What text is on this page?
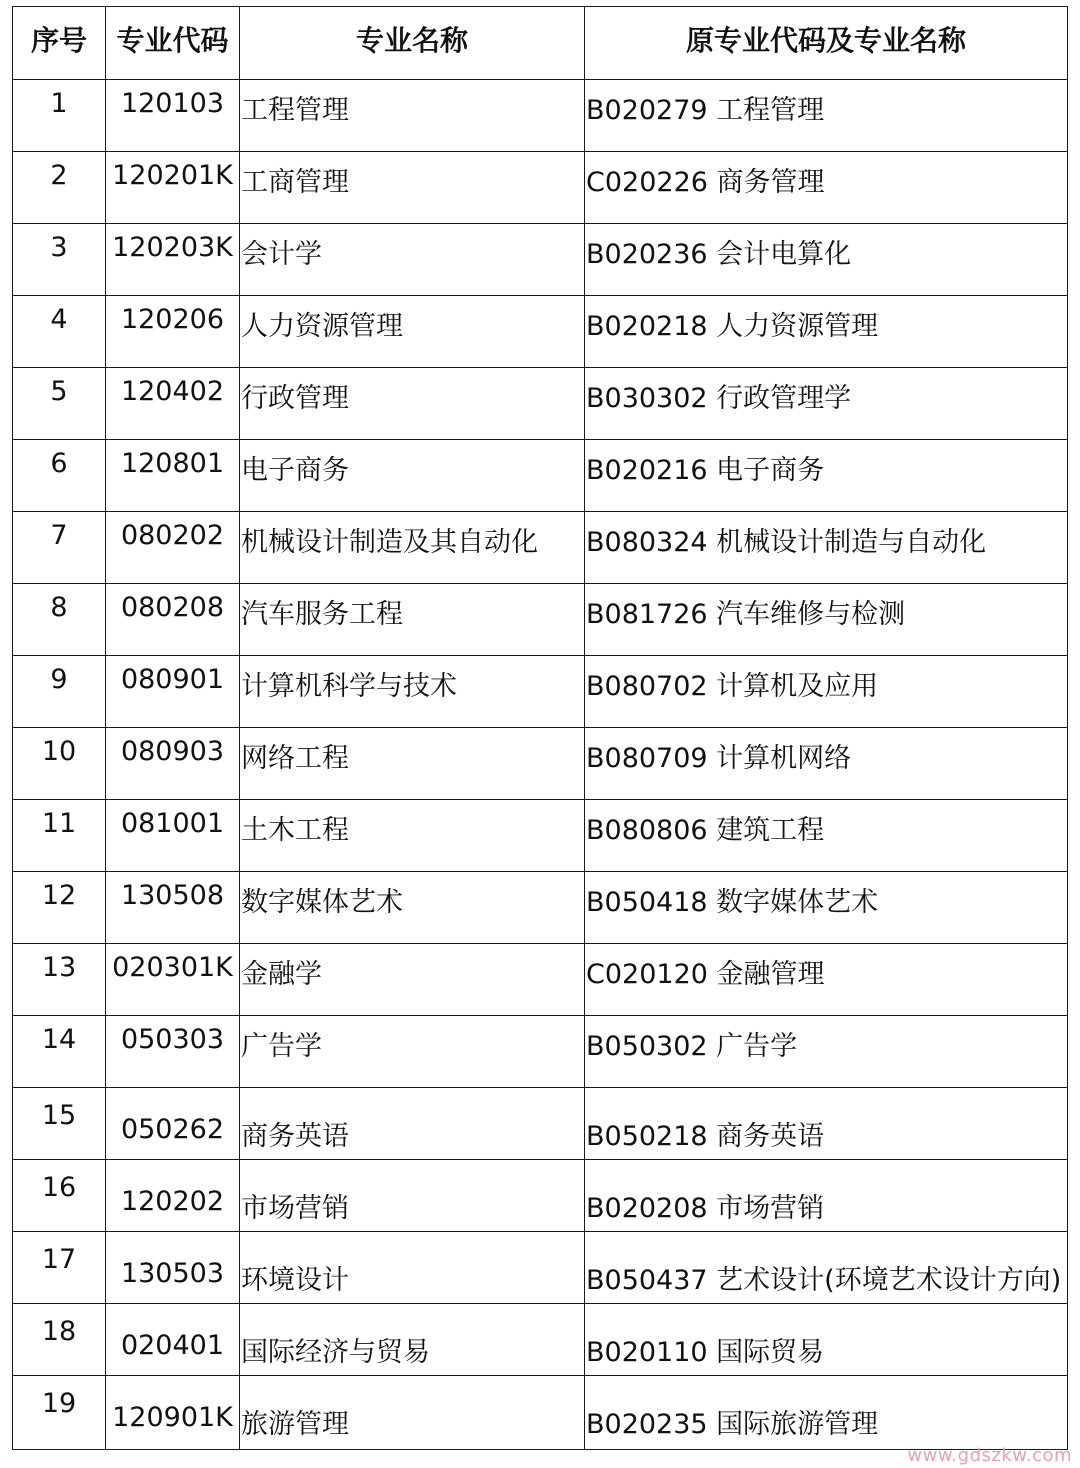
序号	专业代码	专业名称	原专业代码及专业名称
1	120103	工程管理	B020279 工程管理
2	120201K	工商管理	C020226 商务管理
3	120203K	会计学	B020236 会计电算化
4	120206	人力资源管理	B020218 人力资源管理
5	120402	行政管理	B030302 行政管理学
6	120801	电子商务	B020216 电子商务
7	080202	机械设计制造及其自动化	B080324 机械设计制造与自动化
8	080208	汽车服务工程	B081726 汽车维修与检测
9	080901	计算机科学与技术	B080702 计算机及应用
10	080903	网络工程	B080709 计算机网络
11	081001	土木工程	B080806 建筑工程
12	130508	数字媒体艺术	B050418 数字媒体艺术
13	020301K	金融学	C020120 金融管理
14	050303	广告学	B050302 广告学
15	050262	商务英语	B050218 商务英语
16	120202	市场营销	B020208 市场营销
17	130503	环境设计	B050437 艺术设计(环境艺术设计方向)
18	020401	国际经济与贸易	B020110 国际贸易
19	120901K	旅游管理	B020235 国际旅游管理
www.gdszkw.com
